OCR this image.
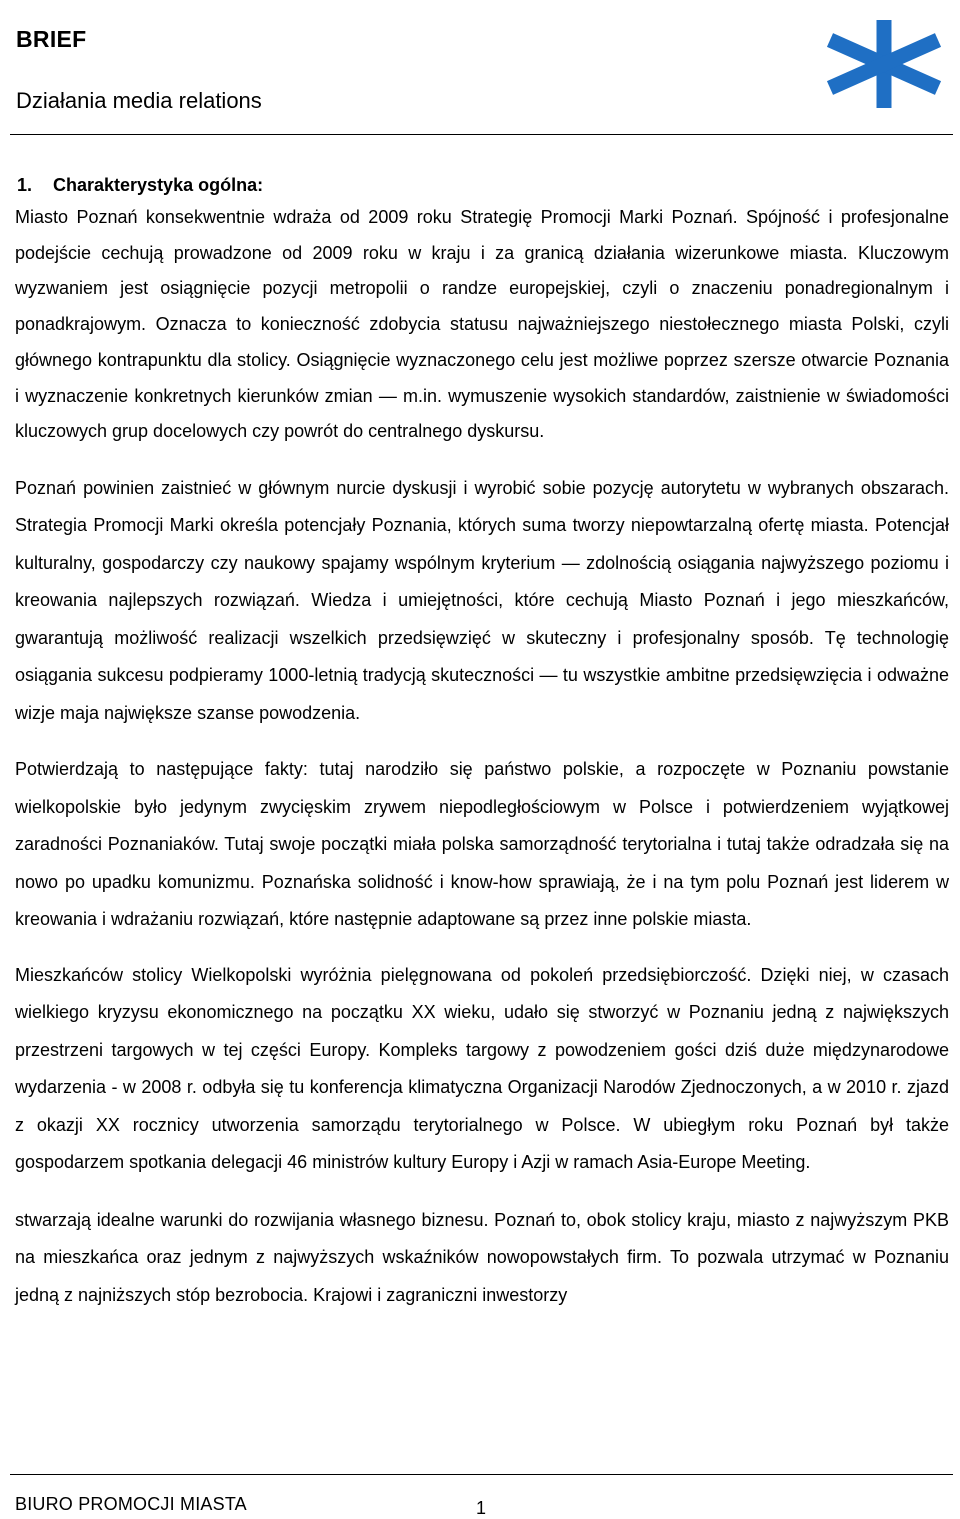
BRIEF
Działania media relations
1. Charakterystyka ogólna:

Miasto Poznań konsekwentnie wdraża od 2009 roku Strategię Promocji Marki Poznań. Spójność i profesjonalne podejście cechują prowadzone od 2009 roku w kraju i za granicą działania wizerunkowe miasta. Kluczowym wyzwaniem jest osiągnięcie pozycji metropolii o randze europejskiej, czyli o znaczeniu ponadregionalnym i ponadkrajowym. Oznacza to konieczność zdobycia statusu najważniejszego niestołecznego miasta Polski, czyli głównego kontrapunktu dla stolicy. Osiągnięcie wyznaczonego celu jest możliwe poprzez szersze otwarcie Poznania i wyznaczenie konkretnych kierunków zmian — m.in. wymuszenie wysokich standardów, zaistnienie w świadomości kluczowych grup docelowych czy powrót do centralnego dyskursu.

Poznań powinien zaistnieć w głównym nurcie dyskusji i wyrobić sobie pozycję autorytetu w wybranych obszarach. Strategia Promocji Marki określa potencjały Poznania, których suma tworzy niepowtarzalną ofertę miasta. Potencjał kulturalny, gospodarczy czy naukowy spajamy wspólnym kryterium — zdolnością osiągania najwyższego poziomu i kreowania najlepszych rozwiązań. Wiedza i umiejętności, które cechują Miasto Poznań i jego mieszkańców, gwarantują możliwość realizacji wszelkich przedsięwzięć w skuteczny i profesjonalny sposób. Tę technologię osiągania sukcesu podpieramy 1000-letnią tradycją skuteczności — tu wszystkie ambitne przedsięwzięcia i odważne wizje maja największe szanse powodzenia.

Potwierdzają to następujące fakty: tutaj narodziło się państwo polskie, a rozpoczęte w Poznaniu powstanie wielkopolskie było jedynym zwycięskim zrywem niepodległościowym w Polsce i potwierdzeniem wyjątkowej zaradności Poznaniaków. Tutaj swoje początki miała polska samorządność terytorialna i tutaj także odradzała się na nowo po upadku komunizmu. Poznańska solidność i know-how sprawiają, że i na tym polu Poznań jest liderem w kreowania i wdrażaniu rozwiązań, które następnie adaptowane są przez inne polskie miasta.

Mieszkańców stolicy Wielkopolski wyróżnia pielęgnowana od pokoleń przedsiębiorczość. Dzięki niej, w czasach wielkiego kryzysu ekonomicznego na początku XX wieku, udało się stworzyć w Poznaniu jedną z największych przestrzeni targowych w tej części Europy. Kompleks targowy z powodzeniem gości dziś duże międzynarodowe wydarzenia - w 2008 r. odbyła się tu konferencja klimatyczna Organizacji Narodów Zjednoczonych, a w 2010 r. zjazd z okazji XX rocznicy utworzenia samorządu terytorialnego w Polsce. W ubiegłym roku Poznań był także gospodarzem spotkania delegacji 46 ministrów kultury Europy i Azji w ramach Asia-Europe Meeting.

stwarzają idealne warunki do rozwijania własnego biznesu. Poznań to, obok stolicy kraju, miasto z najwyższym PKB na mieszkańca oraz jednym z najwyższych wskaźników nowopowstałych firm. To pozwala utrzymać w Poznaniu jedną z najniższych stóp bezrobocia. Krajowi i zagraniczni inwestorzy

BIURO PROMOCJI MIASTA	1
